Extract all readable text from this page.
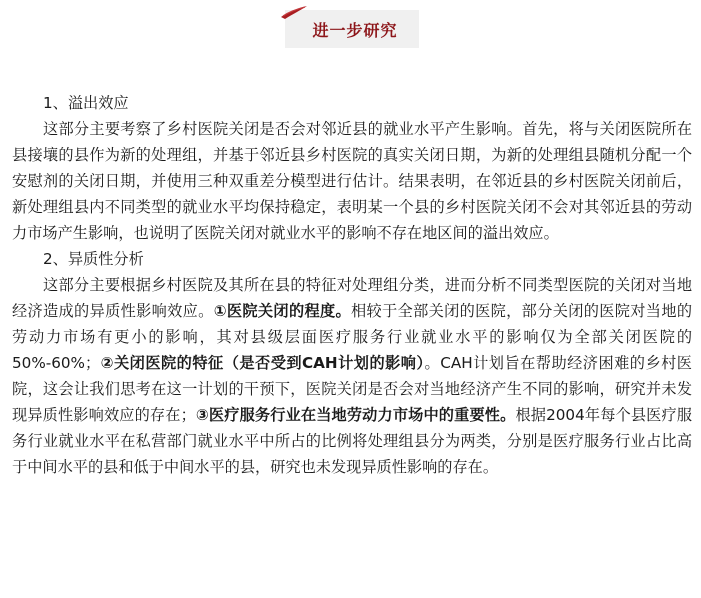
进一步研究

1、溢出效应

这部分主要考察了乡村医院关闭是否会对邻近县的就业水平产生影响。首先，将与关闭医院所在县接壤的县作为新的处理组，并基于邻近县乡村医院的真实关闭日期，为新的处理组县随机分配一个安慰剂的关闭日期，并使用三种双重差分模型进行估计。结果表明，在邻近县的乡村医院关闭前后，新处理组县内不同类型的就业水平均保持稳定，表明某一个县的乡村医院关闭不会对其邻近县的劳动力市场产生影响，也说明了医院关闭对就业水平的影响不存在地区间的溢出效应。

2、异质性分析

这部分主要根据乡村医院及其所在县的特征对处理组分类，进而分析不同类型医院的关闭对当地经济造成的异质性影响效应。①医院关闭的程度。相较于全部关闭的医院，部分关闭的医院对当地的劳动力市场有更小的影响，其对县级层面医疗服务行业就业水平的影响仅为全部关闭医院的50%-60%；②关闭医院的特征（是否受到CAH计划的影响）。CAH计划旨在帮助经济困难的乡村医院，这会让我们思考在这一计划的干预下，医院关闭是否会对当地经济产生不同的影响，研究并未发现异质性影响效应的存在；③医疗服务行业在当地劳动力市场中的重要性。根据2004年每个县医疗服务行业就业水平在私营部门就业水平中所占的比例将处理组县分为两类，分别是医疗服务行业占比高于中间水平的县和低于中间水平的县，研究也未发现异质性影响的存在。
